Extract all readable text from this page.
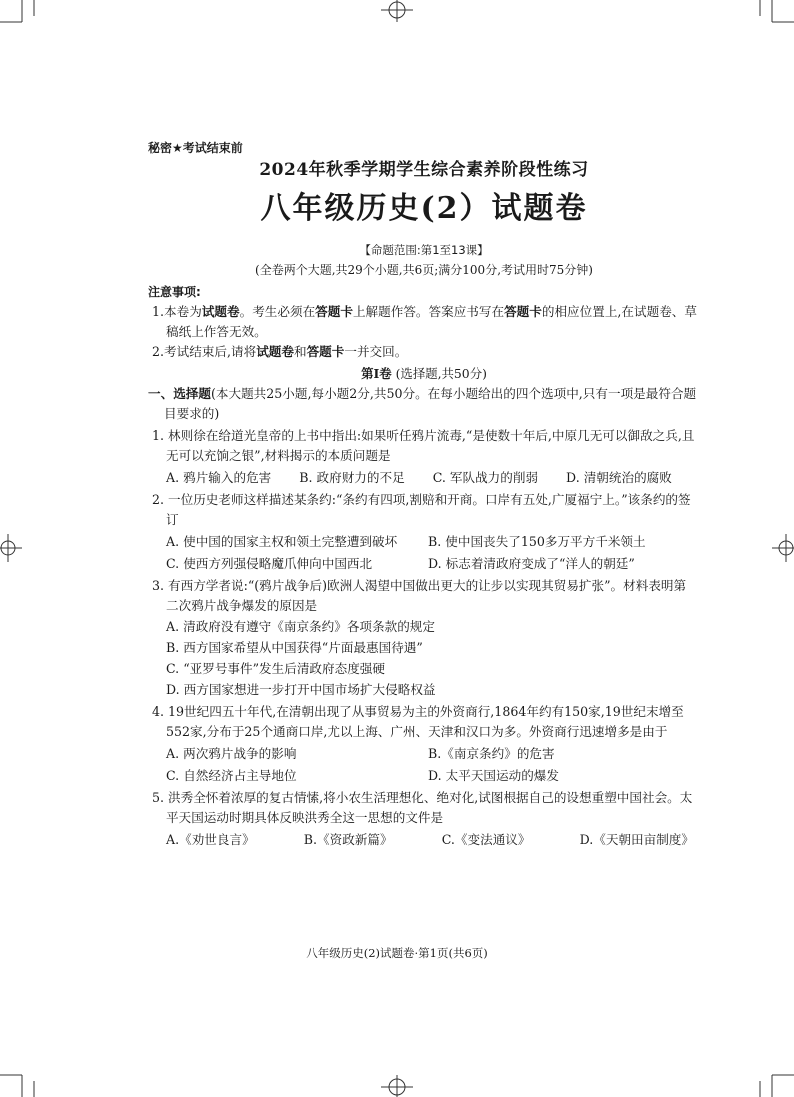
秘密★考试结束前
2024年秋季学期学生综合素养阶段性练习
八年级历史(2）试题卷
【命题范围:第1至13课】
(全卷两个大题,共29个小题,共6页;满分100分,考试用时75分钟)
注意事项:
1.本卷为试题卷。考生必须在答题卡上解题作答。答案应书写在答题卡的相应位置上,在试题卷、草稿纸上作答无效。
2.考试结束后,请将试题卷和答题卡一并交回。
第Ⅰ卷 (选择题,共50分)
一、选择题(本大题共25小题,每小题2分,共50分。在每小题给出的四个选项中,只有一项是最符合题目要求的)
1. 林则徐在给道光皇帝的上书中指出:如果听任鸦片流毒,“是使数十年后,中原几无可以御敌之兵,且无可以充饷之银”,材料揭示的本质问题是
A. 鸦片输入的危害 B. 政府财力的不足 C. 军队战力的削弱 D. 清朝统治的腐败
2. 一位历史老师这样描述某条约:“条约有四项,割赔和开商。口岸有五处,广厦福宁上。”该条约的签订
A. 使中国的国家主权和领土完整遭到破坏	B. 使中国丧失了150多万平方千米领土
C. 使西方列强侵略魔爪伸向中国西北	D. 标志着清政府变成了“洋人的朝廷”
3. 有西方学者说:“(鸦片战争后)欧洲人渴望中国做出更大的让步以实现其贸易扩张”。材料表明第二次鸦片战争爆发的原因是
A. 清政府没有遵守《南京条约》各项条款的规定
B. 西方国家希望从中国获得“片面最惠国待遇”
C. “亚罗号事件”发生后清政府态度强硬
D. 西方国家想进一步打开中国市场扩大侵略权益
4. 19世纪四五十年代,在清朝出现了从事贸易为主的外资商行,1864年约有150家,19世纪末增至552家,分布于25个通商口岸,尤以上海、广州、天津和汉口为多。外资商行迅速增多是由于
A. 两次鸦片战争的影响	B.《南京条约》的危害
C. 自然经济占主导地位	D. 太平天国运动的爆发
5. 洪秀全怀着浓厚的复古情愫,将小农生活理想化、绝对化,试图根据自己的设想重塑中国社会。太平天国运动时期具体反映洪秀全这一思想的文件是
A.《劝世良言》	B.《资政新篇》	C.《变法通议》	D.《天朝田亩制度》
八年级历史(2)试题卷·第1页(共6页)
